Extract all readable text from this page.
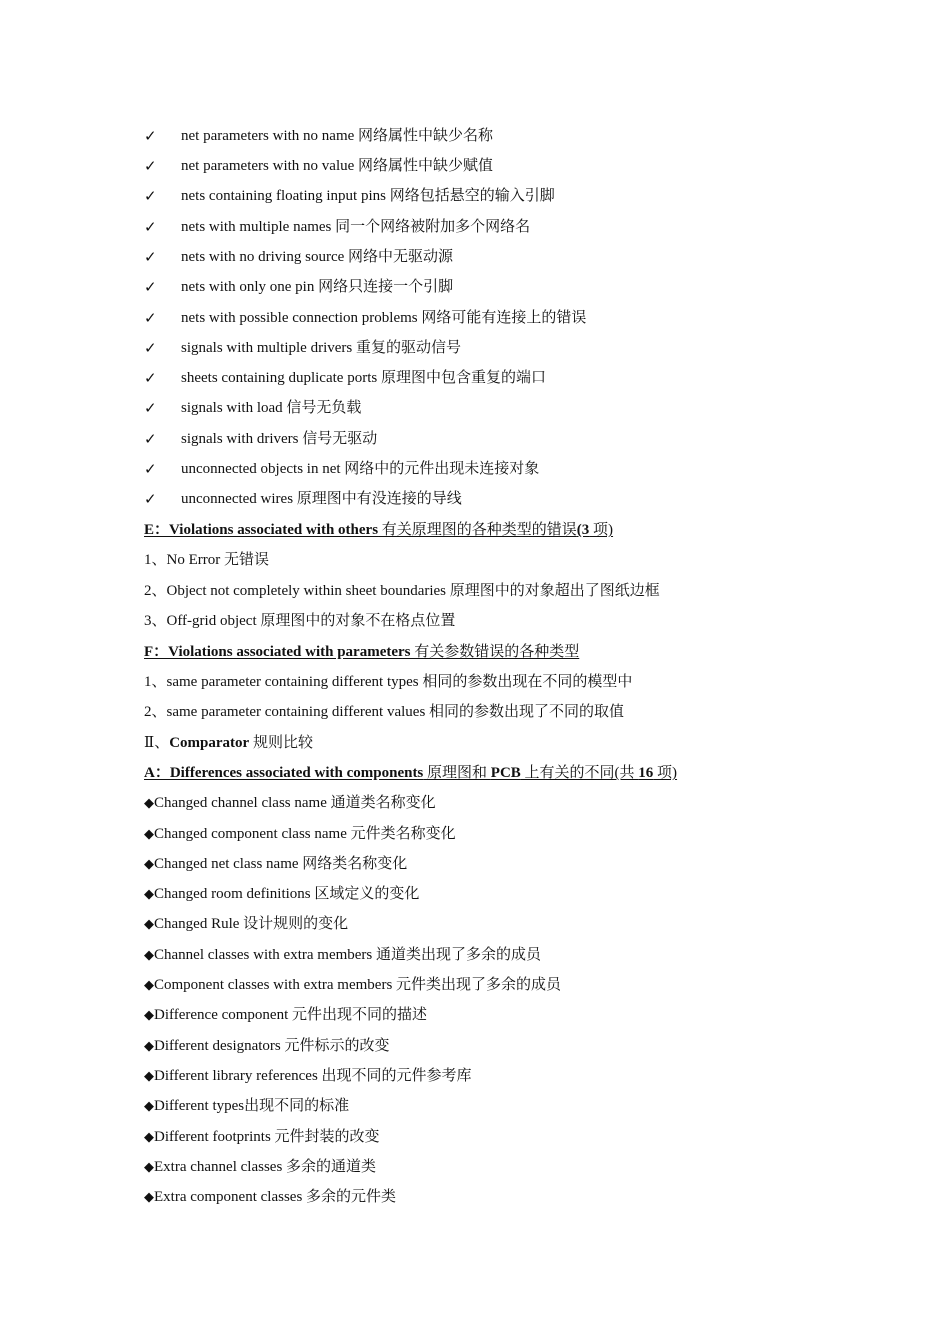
✓ net parameters with no name 网络属性中缺少名称
✓ net parameters with no value 网络属性中缺少赋值
✓ nets containing floating input pins 网络包括悬空的输入引脚
✓ nets with multiple names 同一个网络被附加多个网络名
✓ nets with no driving source 网络中无驱动源
✓ nets with only one pin 网络只连接一个引脚
✓ nets with possible connection problems 网络可能有连接上的错误
✓ signals with multiple drivers 重复的驱动信号
✓ sheets containing duplicate ports 原理图中包含重复的端口
✓ signals with load 信号无负载
✓ signals with drivers 信号无驱动
✓ unconnected objects in net 网络中的元件出现未连接对象
✓ unconnected wires 原理图中有没连接的导线
E：Violations associated with others 有关原理图的各种类型的错误(3 项)
1、No Error 无错误
2、Object not completely within sheet boundaries 原理图中的对象超出了图纸边框
3、Off-grid object 原理图中的对象不在格点位置
F：Violations associated with parameters 有关参数错误的各种类型
1、same parameter containing different types 相同的参数出现在不同的模型中
2、same parameter containing different values 相同的参数出现了不同的取值
Ⅱ、Comparator 规则比较
A：Differences associated with components 原理图和 PCB 上有关的不同(共 16 项)
◆Changed channel class name 通道类名称变化
◆Changed component class name 元件类名称变化
◆Changed net class name 网络类名称变化
◆Changed room definitions 区域定义的变化
◆Changed Rule 设计规则的变化
◆Channel classes with extra members 通道类出现了多余的成员
◆Component classes with extra members 元件类出现了多余的成员
◆Difference component 元件出现不同的描述
◆Different designators 元件标示的改变
◆Different library references 出现不同的元件参考库
◆Different types出现不同的标准
◆Different footprints 元件封装的改变
◆Extra channel classes 多余的通道类
◆Extra component classes 多余的元件类
